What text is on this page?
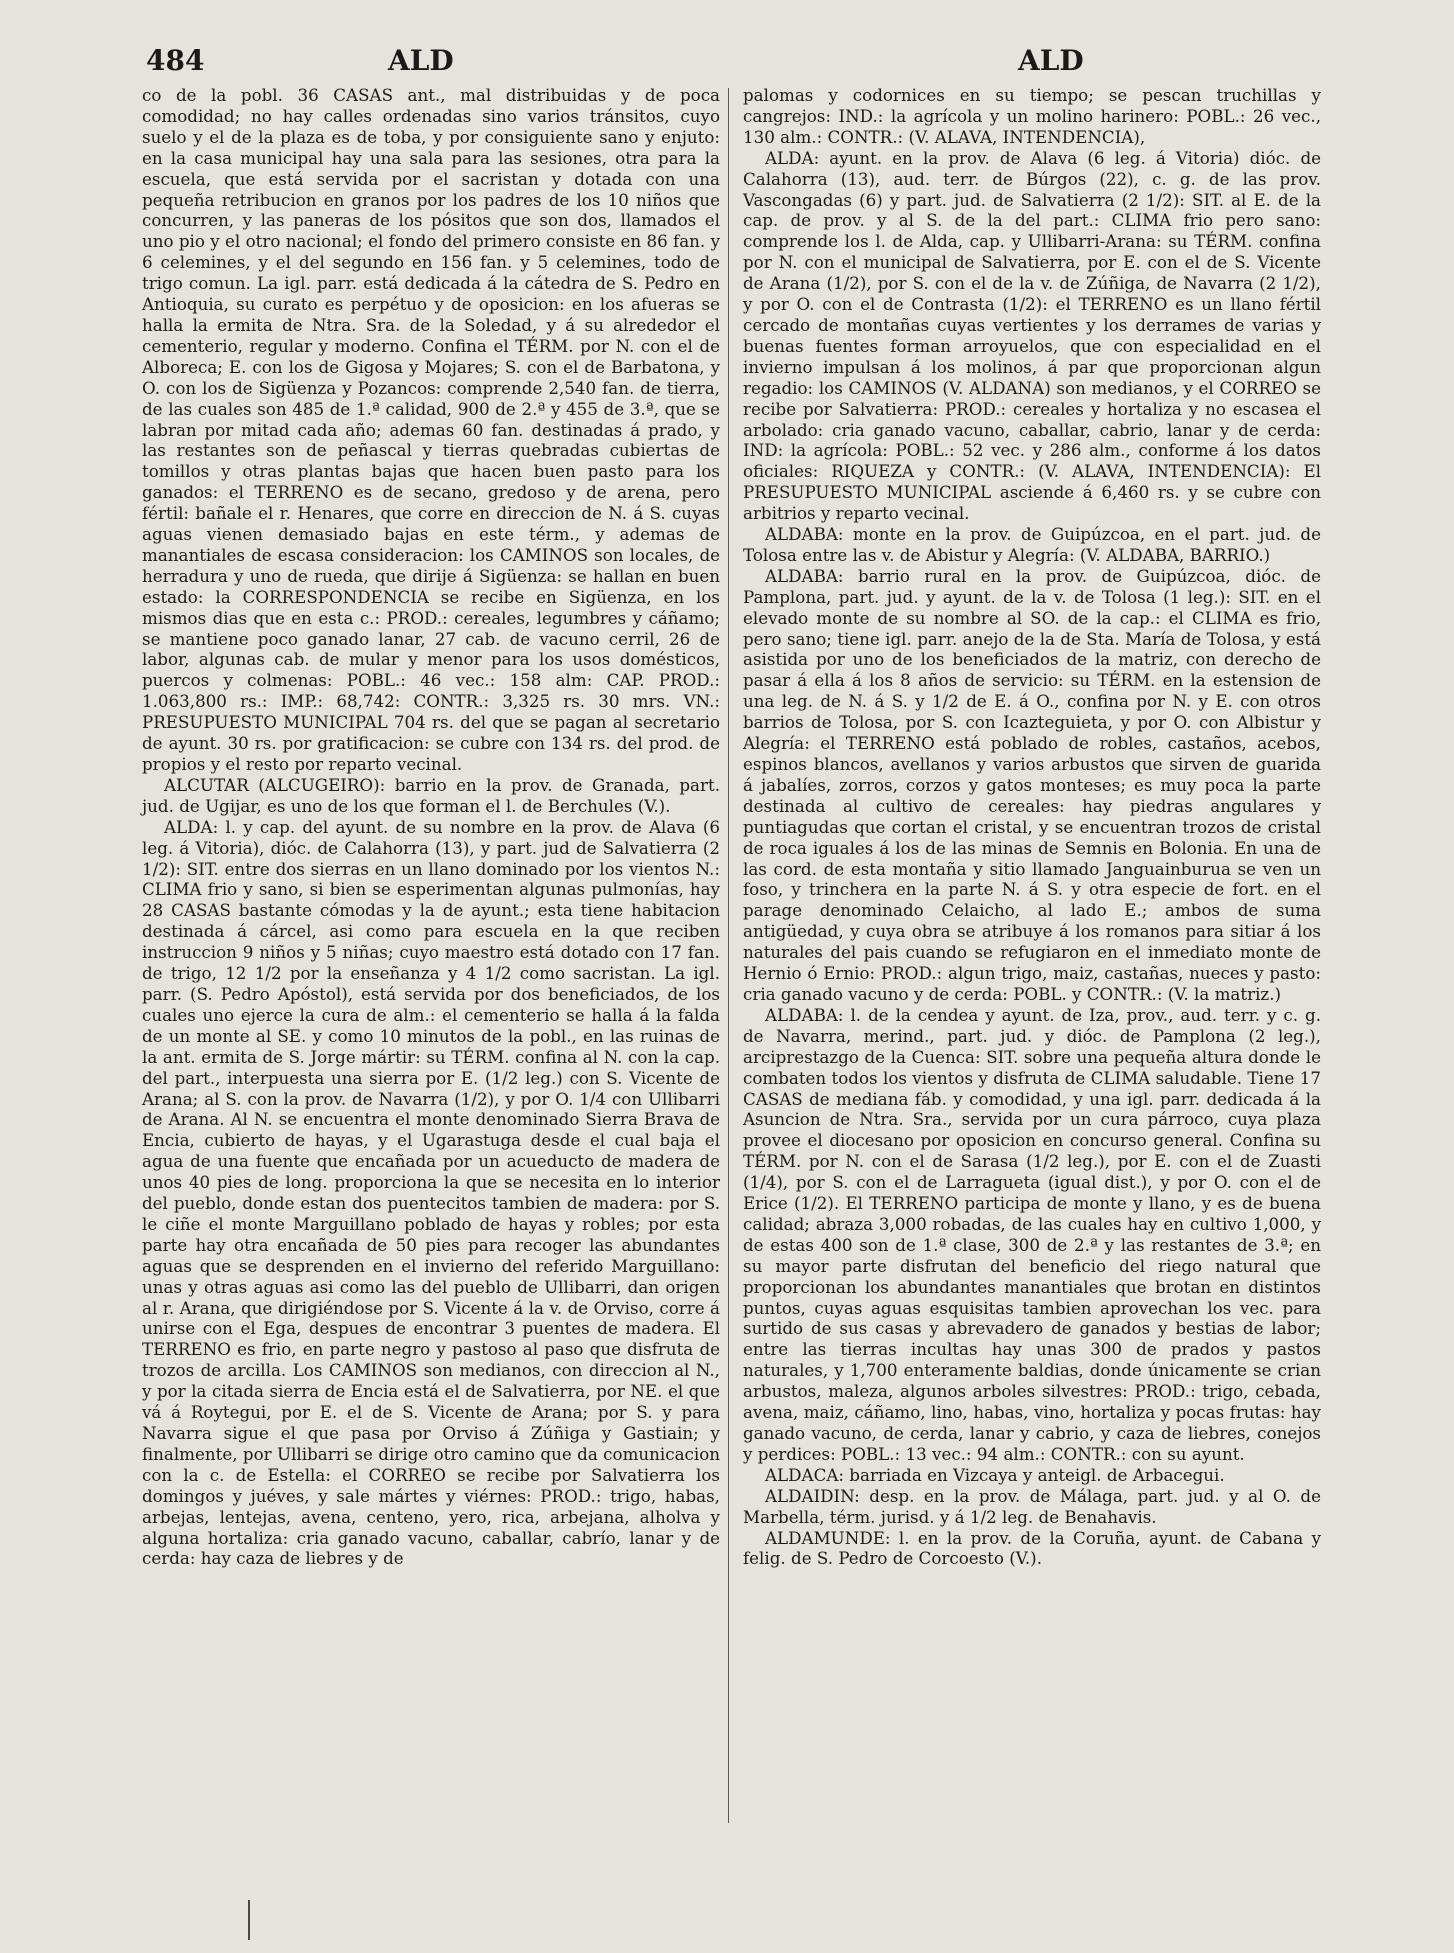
484	ALD	ALD

co de la pobl. 36 CASAS ant., mal distribuidas y de poca comodidad; no hay calles ordenadas sino varios tránsitos, cuyo suelo y el de la plaza es de toba, y por consiguiente sano y enjuto: en la casa municipal hay una sala para las sesiones, otra para la escuela, que está servida por el sacristan y dotada con una pequeña retribucion en granos por los padres de los 10 niños que concurren, y las paneras de los pósitos que son dos, llamados el uno pio y el otro nacional; el fondo del primero consiste en 86 fan. y 6 celemines, y el del segundo en 156 fan. y 5 celemines, todo de trigo comun. La igl. parr. está dedicada á la cátedra de S. Pedro en Antioquia, su curato es perpétuo y de oposicion: en los afueras se halla la ermita de Ntra. Sra. de la Soledad, y á su alrededor el cementerio, regular y moderno. Confina el TÉRM. por N. con el de Alboreca; E. con los de Gigosa y Mojares; S. con el de Barbatona, y O. con los de Sigüenza y Pozancos: comprende 2,540 fan. de tierra, de las cuales son 485 de 1.ª calidad, 900 de 2.ª y 455 de 3.ª, que se labran por mitad cada año; ademas 60 fan. destinadas á prado, y las restantes son de peñascal y tierras quebradas cubiertas de tomillos y otras plantas bajas que hacen buen pasto para los ganados: el TERRENO es de secano, gredoso y de arena, pero fértil: bañale el r. Henares, que corre en direccion de N. á S. cuyas aguas vienen demasiado bajas en este térm., y ademas de manantiales de escasa consideracion: los CAMINOS son locales, de herradura y uno de rueda, que dirije á Sigüenza: se hallan en buen estado: la CORRESPONDENCIA se recibe en Sigüenza, en los mismos dias que en esta c.: PROD.: cereales, legumbres y cáñamo; se mantiene poco ganado lanar, 27 cab. de vacuno cerril, 26 de labor, algunas cab. de mular y menor para los usos domésticos, puercos y colmenas: POBL.: 46 vec.: 158 alm: CAP. PROD.: 1.063,800 rs.: IMP.: 68,742: CONTR.: 3,325 rs. 30 mrs. VN.: PRESUPUESTO MUNICIPAL 704 rs. del que se pagan al secretario de ayunt. 30 rs. por gratificacion: se cubre con 134 rs. del prod. de propios y el resto por reparto vecinal.

ALCUTAR (ALCUGEIRO): barrio en la prov. de Granada, part. jud. de Ugijar, es uno de los que forman el l. de Berchules (V.).

ALDA: l. y cap. del ayunt. de su nombre en la prov. de Alava (6 leg. á Vitoria), dióc. de Calahorra (13), y part. jud de Salvatierra (2 1/2): SIT. entre dos sierras en un llano dominado por los vientos N.: CLIMA frio y sano, si bien se esperimentan algunas pulmonías, hay 28 CASAS bastante cómodas y la de ayunt.; esta tiene habitacion destinada á cárcel, asi como para escuela en la que reciben instruccion 9 niños y 5 niñas; cuyo maestro está dotado con 17 fan. de trigo, 12 1/2 por la enseñanza y 4 1/2 como sacristan. La igl. parr. (S. Pedro Apóstol), está servida por dos beneficiados, de los cuales uno ejerce la cura de alm.: el cementerio se halla á la falda de un monte al SE. y como 10 minutos de la pobl., en las ruinas de la ant. ermita de S. Jorge mártir: su TÉRM. confina al N. con la cap. del part., interpuesta una sierra por E. (1/2 leg.) con S. Vicente de Arana; al S. con la prov. de Navarra (1/2), y por O. 1/4 con Ullibarri de Arana. Al N. se encuentra el monte denominado Sierra Brava de Encia, cubierto de hayas, y el Ugarastuga desde el cual baja el agua de una fuente que encañada por un acueducto de madera de unos 40 pies de long. proporciona la que se necesita en lo interior del pueblo, donde estan dos puentecitos tambien de madera: por S. le ciñe el monte Marguillano poblado de hayas y robles; por esta parte hay otra encañada de 50 pies para recoger las abundantes aguas que se desprenden en el invierno del referido Marguillano: unas y otras aguas asi como las del pueblo de Ullibarri, dan origen al r. Arana, que dirigiéndose por S. Vicente á la v. de Orviso, corre á unirse con el Ega, despues de encontrar 3 puentes de madera. El TERRENO es frio, en parte negro y pastoso al paso que disfruta de trozos de arcilla. Los CAMINOS son medianos, con direccion al N., y por la citada sierra de Encia está el de Salvatierra, por NE. el que vá á Roytegui, por E. el de S. Vicente de Arana; por S. y para Navarra sigue el que pasa por Orviso á Zúñiga y Gastiain; y finalmente, por Ullibarri se dirige otro camino que da comunicacion con la c. de Estella: el CORREO se recibe por Salvatierra los domingos y juéves, y sale mártes y viérnes: PROD.: trigo, habas, arbejas, lentejas, avena, centeno, yero, rica, arbejana, alholva y alguna hortaliza: cria ganado vacuno, caballar, cabrío, lanar y de cerda: hay caza de liebres y de

palomas y codornices en su tiempo; se pescan truchillas y cangrejos: IND.: la agrícola y un molino harinero: POBL.: 26 vec., 130 alm.: CONTR.: (V. ALAVA, INTENDENCIA),

ALDA: ayunt. en la prov. de Alava (6 leg. á Vitoria) dióc. de Calahorra (13), aud. terr. de Búrgos (22), c. g. de las prov. Vascongadas (6) y part. jud. de Salvatierra (2 1/2): SIT. al E. de la cap. de prov. y al S. de la del part.: CLIMA frio pero sano: comprende los l. de Alda, cap. y Ullibarri-Arana: su TÉRM. confina por N. con el municipal de Salvatierra, por E. con el de S. Vicente de Arana (1/2), por S. con el de la v. de Zúñiga, de Navarra (2 1/2), y por O. con el de Contrasta (1/2): el TERRENO es un llano fértil cercado de montañas cuyas vertientes y los derrames de varias y buenas fuentes forman arroyuelos, que con especialidad en el invierno impulsan á los molinos, á par que proporcionan algun regadio: los CAMINOS (V. ALDANA) son medianos, y el CORREO se recibe por Salvatierra: PROD.: cereales y hortaliza y no escasea el arbolado: cria ganado vacuno, caballar, cabrio, lanar y de cerda: IND: la agrícola: POBL.: 52 vec. y 286 alm., conforme á los datos oficiales: RIQUEZA y CONTR.: (V. ALAVA, INTENDENCIA): El PRESUPUESTO MUNICIPAL asciende á 6,460 rs. y se cubre con arbitrios y reparto vecinal.

ALDABA: monte en la prov. de Guipúzcoa, en el part. jud. de Tolosa entre las v. de Abistur y Alegría: (V. ALDABA, BARRIO.)

ALDABA: barrio rural en la prov. de Guipúzcoa, dióc. de Pamplona, part. jud. y ayunt. de la v. de Tolosa (1 leg.): SIT. en el elevado monte de su nombre al SO. de la cap.: el CLIMA es frio, pero sano; tiene igl. parr. anejo de la de Sta. María de Tolosa, y está asistida por uno de los beneficiados de la matriz, con derecho de pasar á ella á los 8 años de servicio: su TÉRM. en la estension de una leg. de N. á S. y 1/2 de E. á O., confina por N. y E. con otros barrios de Tolosa, por S. con Icazteguieta, y por O. con Albistur y Alegría: el TERRENO está poblado de robles, castaños, acebos, espinos blancos, avellanos y varios arbustos que sirven de guarida á jabalíes, zorros, corzos y gatos monteses; es muy poca la parte destinada al cultivo de cereales: hay piedras angulares y puntiagudas que cortan el cristal, y se encuentran trozos de cristal de roca iguales á los de las minas de Semnis en Bolonia. En una de las cord. de esta montaña y sitio llamado Janguainburua se ven un foso, y trinchera en la parte N. á S. y otra especie de fort. en el parage denominado Celaicho, al lado E.; ambos de suma antigüedad, y cuya obra se atribuye á los romanos para sitiar á los naturales del pais cuando se refugiaron en el inmediato monte de Hernio ó Ernio: PROD.: algun trigo, maiz, castañas, nueces y pasto: cria ganado vacuno y de cerda: POBL. y CONTR.: (V. la matriz.)

ALDABA: l. de la cendea y ayunt. de Iza, prov., aud. terr. y c. g. de Navarra, merind., part. jud. y dióc. de Pamplona (2 leg.), arciprestazgo de la Cuenca: SIT. sobre una pequeña altura donde le combaten todos los vientos y disfruta de CLIMA saludable. Tiene 17 CASAS de mediana fáb. y comodidad, y una igl. parr. dedicada á la Asuncion de Ntra. Sra., servida por un cura párroco, cuya plaza provee el diocesano por oposicion en concurso general. Confina su TÉRM. por N. con el de Sarasa (1/2 leg.), por E. con el de Zuasti (1/4), por S. con el de Larragueta (igual dist.), y por O. con el de Erice (1/2). El TERRENO participa de monte y llano, y es de buena calidad; abraza 3,000 robadas, de las cuales hay en cultivo 1,000, y de estas 400 son de 1.ª clase, 300 de 2.ª y las restantes de 3.ª; en su mayor parte disfrutan del beneficio del riego natural que proporcionan los abundantes manantiales que brotan en distintos puntos, cuyas aguas esquisitas tambien aprovechan los vec. para surtido de sus casas y abrevadero de ganados y bestias de labor; entre las tierras incultas hay unas 300 de prados y pastos naturales, y 1,700 enteramente baldias, donde únicamente se crian arbustos, maleza, algunos arboles silvestres: PROD.: trigo, cebada, avena, maiz, cáñamo, lino, habas, vino, hortaliza y pocas frutas: hay ganado vacuno, de cerda, lanar y cabrio, y caza de liebres, conejos y perdices: POBL.: 13 vec.: 94 alm.: CONTR.: con su ayunt.

ALDACA: barriada en Vizcaya y anteigl. de Arbacegui.

ALDAIDIN: desp. en la prov. de Málaga, part. jud. y al O. de Marbella, térm. jurisd. y á 1/2 leg. de Benahavis.

ALDAMUNDE: l. en la prov. de la Coruña, ayunt. de Cabana y felig. de S. Pedro de Corcoesto (V.).
